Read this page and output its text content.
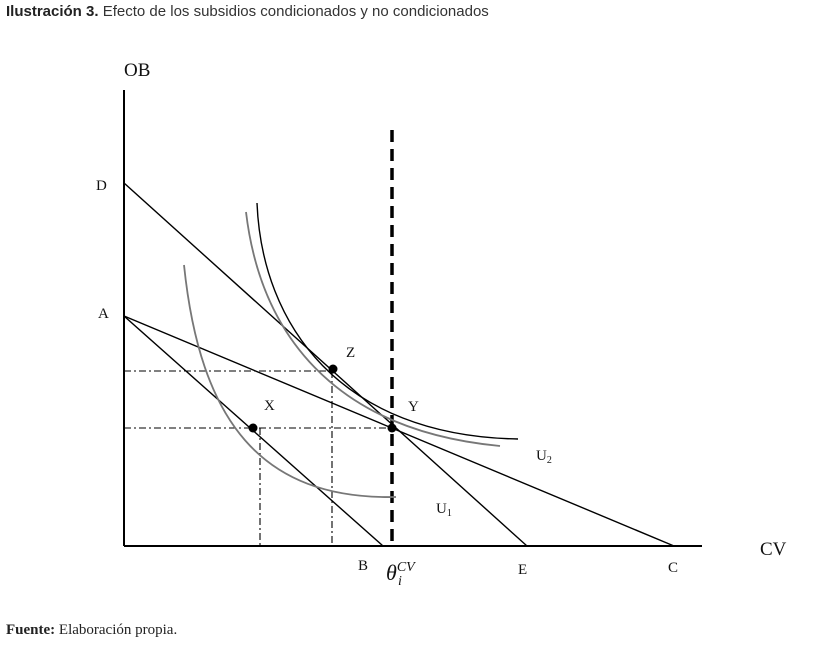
Ilustración 3. Efecto de los subsidios condicionados y no condicionados
OB
CV
D
A
B	E	C
X	Y
Z
$U_1$
$U_2$
$\theta^{CV}$
i
Fuente: Elaboración propia.
